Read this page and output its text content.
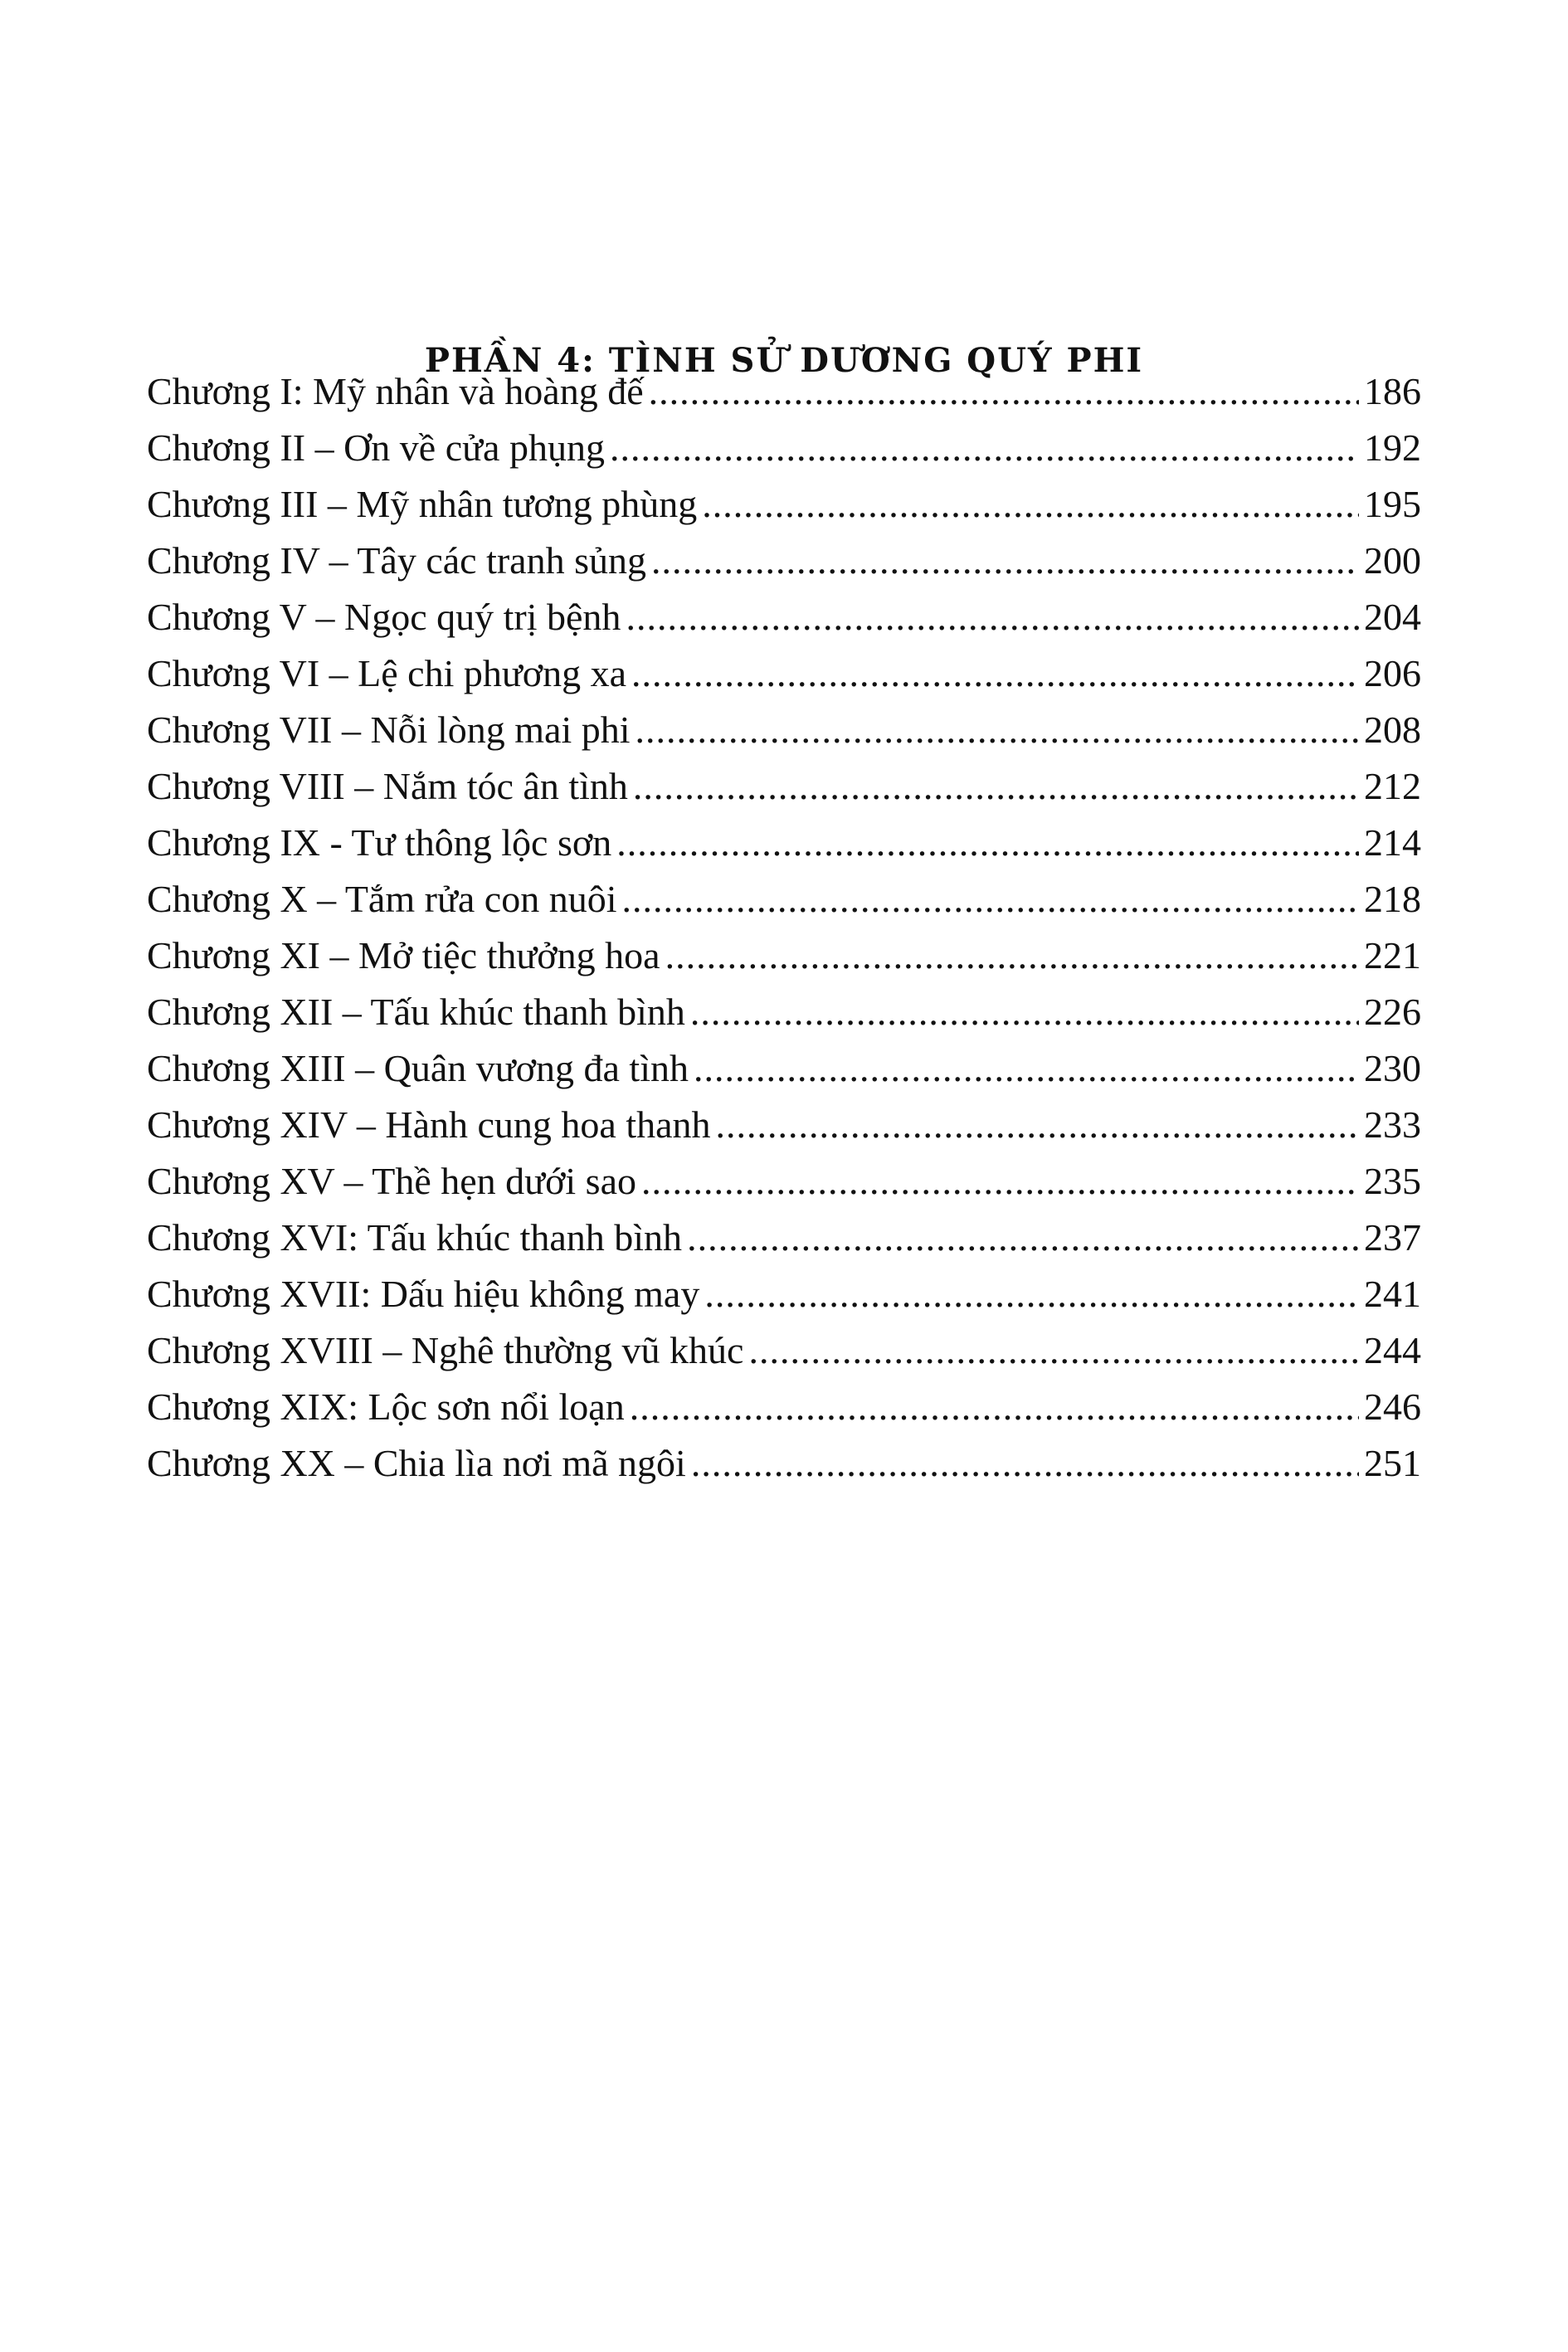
PHẦN 4: TÌNH SỬ DƯƠNG QUÝ PHI
Chương I: Mỹ nhân và hoàng đế .....	186
Chương II – Ơn về cửa phụng .....	192
Chương III – Mỹ nhân tương phùng .....	195
Chương IV – Tây các tranh sủng .....	200
Chương V – Ngọc quý trị bệnh .....	204
Chương VI – Lệ chi phương xa .....	206
Chương VII – Nỗi lòng mai phi .....	208
Chương VIII – Nắm tóc ân tình .....	212
Chương IX - Tư thông lộc sơn .....	214
Chương X – Tắm rửa con nuôi .....	218
Chương XI – Mở tiệc thưởng hoa .....	221
Chương XII – Tấu khúc thanh bình .....	226
Chương XIII – Quân vương đa tình .....	230
Chương XIV – Hành cung hoa thanh .....	233
Chương XV – Thề hẹn dưới sao .....	235
Chương XVI: Tấu khúc thanh bình .....	237
Chương XVII: Dấu hiệu không may .....	241
Chương XVIII – Nghê thường vũ khúc .....	244
Chương XIX: Lộc sơn nổi loạn .....	246
Chương XX – Chia lìa nơi mã ngôi .....	251
